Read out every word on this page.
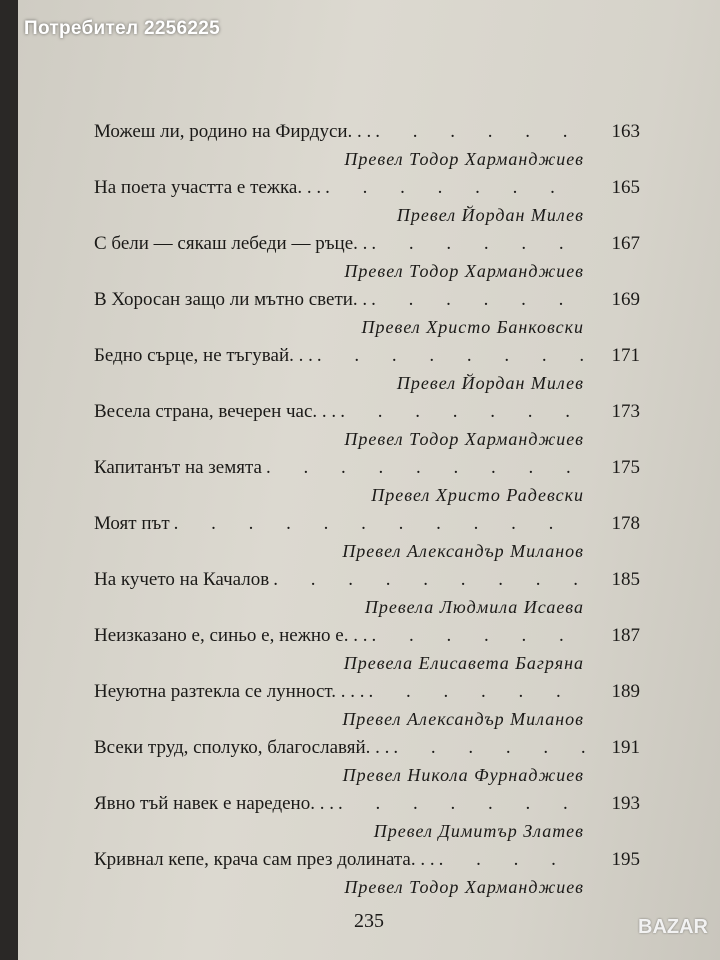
Потребител 2256225
Можеш ли, родино на Фирдуси. . . . . .	163
Превел Тодор Харманджиев
На поета участта е тежка. . . . . .	165
Превел Йордан Милев
С бели — сякаш лебеди — ръце. . . . .	167
Превел Тодор Харманджиев
В Хоросан защо ли мътно свети. . . . .	169
Превел Христо Банковски
Бедно сърце, не тъгувай. . . . . .	171
Превел Йордан Милев
Весела страна, вечерен час. . . . . .	173
Превел Тодор Харманджиев
Капитанът на земята . . .	175
Превел Христо Радевски
Моят път . . .	178
Превел Александър Миланов
На кучето на Качалов . . .	185
Превела Людмила Исаева
Неизказано е, синьо е, нежно е. . . . . .	187
Превела Елисавета Багряна
Неуютна разтекла се лунност. . . . . . .	189
Превел Александър Миланов
Всеки труд, сполуко, благославяй. . . . . .	191
Превел Никола Фурнаджиев
Явно тъй навек е наредено. . . . . .	193
Превел Димитър Златев
Кривнал кепе, крача сам през долината. . . . . .	195
Превел Тодор Харманджиев
235	BAZAR
